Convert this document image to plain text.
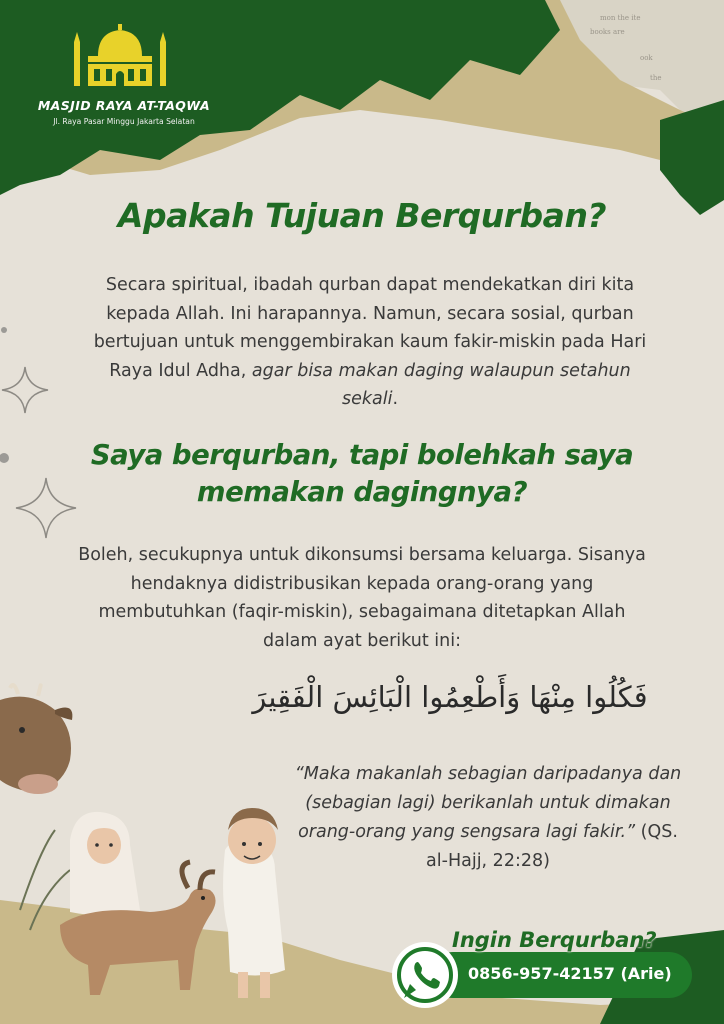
mon the ite
books are
ook
the
MASJID RAYA AT-TAQWA
Jl. Raya Pasar Minggu Jakarta Selatan
Apakah Tujuan Berqurban?
Secara spiritual, ibadah qurban dapat mendekatkan diri kita kepada Allah. Ini harapannya. Namun, secara sosial, qurban bertujuan untuk menggembirakan kaum fakir-miskin pada Hari Raya Idul Adha, agar bisa makan daging walaupun setahun sekali.
Saya berqurban, tapi bolehkah saya memakan dagingnya?
Boleh, secukupnya untuk dikonsumsi bersama keluarga. Sisanya hendaknya didistribusikan kepada orang-orang yang membutuhkan (faqir-miskin), sebagaimana ditetapkan Allah dalam ayat berikut ini:
فَكُلُوا مِنْهَا وَأَطْعِمُوا الْبَائِسَ الْفَقِيرَ
“Maka makanlah sebagian daripadanya dan (sebagian lagi) berikanlah untuk dimakan orang-orang yang sengsara lagi fakir.” (QS. al-Hajj, 22:28)
Ingin Berqurban?
0856-957-42157 (Arie)
